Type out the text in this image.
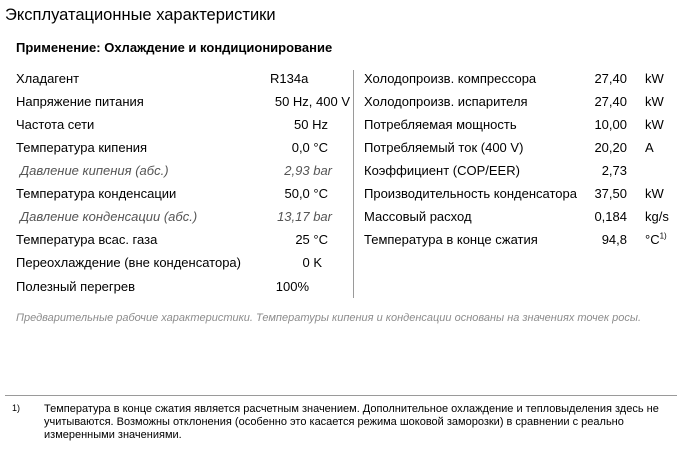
Эксплуатационные характеристики
Применение: Охлаждение и кондиционирование
Хладагент	R134a
Напряжение питания	50 Hz, 400 V
Частота сети	50 Hz
Температура кипения	0,0 °C
Давление кипения (абс.)	2,93 bar
Температура конденсации	50,0 °C
Давление конденсации (абс.)	13,17 bar
Температура всас. газа	25 °C
Переохлаждение (вне конденсатора)	0 K
Полезный перегрев	100%
Холодопроизв. компрессора	27,40 kW
Холодопроизв. испарителя	27,40 kW
Потребляемая мощность	10,00 kW
Потребляемый ток (400 V)	20,20 A
Коэффициент (COP/EER)	2,73
Производительность конденсатора 37,50 kW
Массовый расход	0,184 kg/s
Температура в конце сжатия	94,8 $^\circ C^{1)}$
Предварительные рабочие характеристики. Температуры кипения и конденсации основаны на значениях точек росы.
1) Температура в конце сжатия является расчетным значением. Дополнительное охлаждение и тепловыделения здесь не учитываются. Возможны отклонения (особенно это касается режима шоковой заморозки) в сравнении с реально измеренными значениями.
